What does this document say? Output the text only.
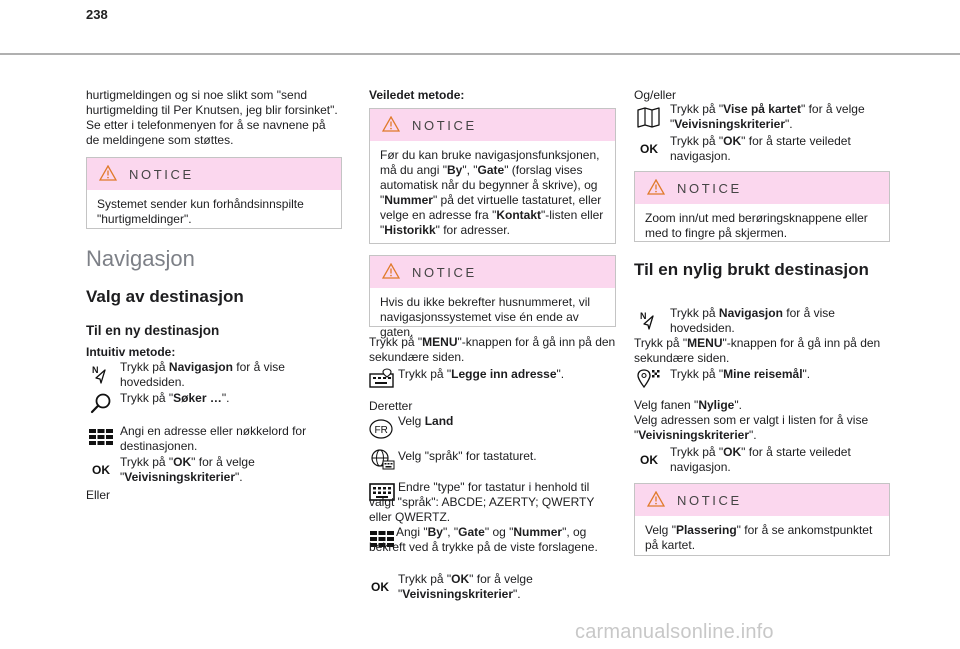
238

hurtigmeldingen og si noe slikt som "send hurtigmelding til Per Knutsen, jeg blir forsinket". Se etter i telefonmenyen for å se navnene på de meldingene som støttes.

NOTICE
Systemet sender kun forhåndsinnspilte "hurtigmeldinger".
Navigasjon
Valg av destinasjon
Til en ny destinasjon
Intuitiv metode:
N Trykk på Navigasjon for å vise hovedsiden.
Trykk på "Søker …".
Angi en adresse eller nøkkelord for destinasjonen.
OK
Trykk på "OK" for å velge "Veivisningskriterier".
Eller
Veiledet metode:
NOTICE
Før du kan bruke navigasjonsfunksjonen, må du angi "By", "Gate" (forslag vises automatisk når du begynner å skrive), og "Nummer" på det virtuelle tastaturet, eller velge en adresse fra "Kontakt"-listen eller "Historikk" for adresser.
NOTICE
Hvis du ikke bekrefter husnummeret, vil navigasjonssystemet vise én ende av gaten.
Trykk på "MENU"-knappen for å gå inn på den sekundære siden.
Trykk på "Legge inn adresse".
Deretter
FR
Velg Land
Velg "språk" for tastaturet.

Endre "type" for tastatur i henhold til valgt "språk": ABCDE; AZERTY; QWERTY eller QWERTZ.

Angi "By", "Gate" og "Nummer", og bekreft ved å trykke på de viste forslagene.

OK
Trykk på "OK" for å velge "Veivisningskriterier".
Og/eller
Trykk på "Vise på kartet" for å velge "Veivisningskriterier".
OK
Trykk på "OK" for å starte veiledet navigasjon.
NOTICE
Zoom inn/ut med berøringsknappene eller med to fingre på skjermen.
Til en nylig brukt destinasjon
N Trykk på Navigasjon for å vise hovedsiden.
Trykk på "MENU"-knappen for å gå inn på den sekundære siden.
Trykk på "Mine reisemål".
Velg fanen "Nylige".
Velg adressen som er valgt i listen for å vise "Veivisningskriterier".
OK
Trykk på "OK" for å starte veiledet navigasjon.
NOTICE
Velg "Plassering" for å se ankomstpunktet på kartet.
carmanualsonline.info
